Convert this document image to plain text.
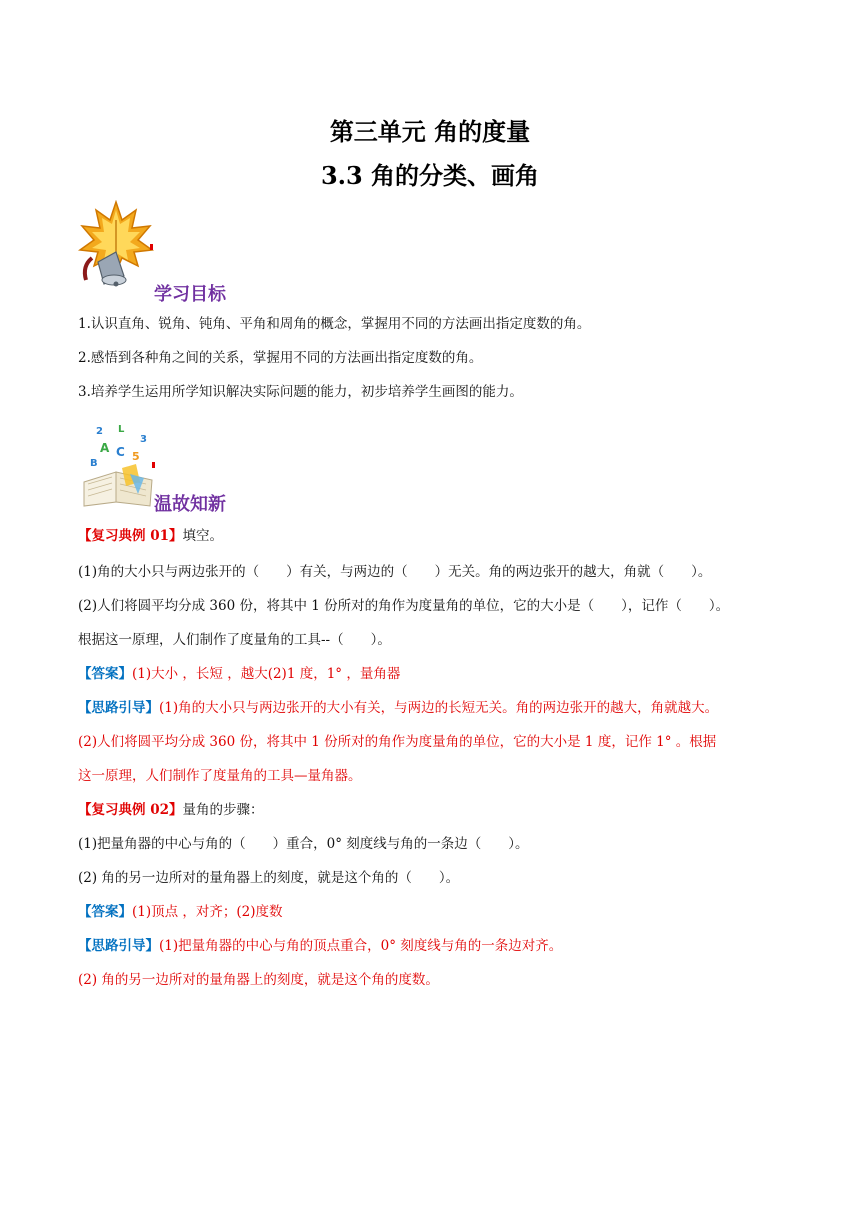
第三单元 角的度量
3.3 角的分类、画角
学习目标
1.认识直角、锐角、钝角、平角和周角的概念，掌握用不同的方法画出指定度数的角。
2.感悟到各种角之间的关系，掌握用不同的方法画出指定度数的角。
3.培养学生运用所学知识解决实际问题的能力，初步培养学生画图的能力。
2 L
3
A C 5
B
温故知新
【复习典例 01】填空。
(1)角的大小只与两边张开的（　　）有关，与两边的（　　）无关。角的两边张开的越大，角就（　　）。
(2)人们将圆平均分成 360 份，将其中 1 份所对的角作为度量角的单位，它的大小是（　　），记作（　　）。
根据这一原理，人们制作了度量角的工具--（　　）。
【答案】(1)大小 ，长短 ，越大(2)1 度，1° ，量角器
【思路引导】(1)角的大小只与两边张开的大小有关，与两边的长短无关。角的两边张开的越大，角就越大。
(2)人们将圆平均分成 360 份，将其中 1 份所对的角作为度量角的单位，它的大小是 1 度，记作 1° 。根据
这一原理，人们制作了度量角的工具—量角器。
【复习典例 02】量角的步骤：
(1)把量角器的中心与角的（　　）重合，0° 刻度线与角的一条边（　　）。
(2) 角的另一边所对的量角器上的刻度，就是这个角的（　　）。
【答案】(1)顶点 ，对齐；(2)度数
【思路引导】(1)把量角器的中心与角的顶点重合，0° 刻度线与角的一条边对齐。
(2) 角的另一边所对的量角器上的刻度，就是这个角的度数。
